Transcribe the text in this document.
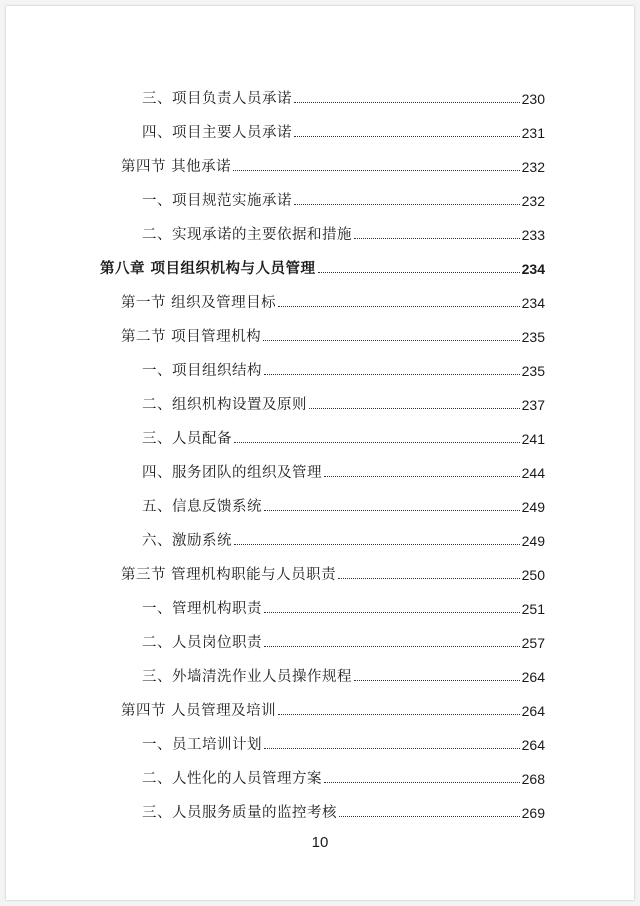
三、项目负责人员承诺	230
四、项目主要人员承诺	231
第四节 其他承诺	232
一、项目规范实施承诺	232
二、实现承诺的主要依据和措施	233
第八章 项目组织机构与人员管理	234
第一节 组织及管理目标	234
第二节 项目管理机构	235
一、项目组织结构	235
二、组织机构设置及原则	237
三、人员配备	241
四、服务团队的组织及管理	244
五、信息反馈系统	249
六、激励系统	249
第三节 管理机构职能与人员职责	250
一、管理机构职责	251
二、人员岗位职责	257
三、外墙清洗作业人员操作规程	264
第四节 人员管理及培训	264
一、员工培训计划	264
二、人性化的人员管理方案	268
三、人员服务质量的监控考核	269
10
